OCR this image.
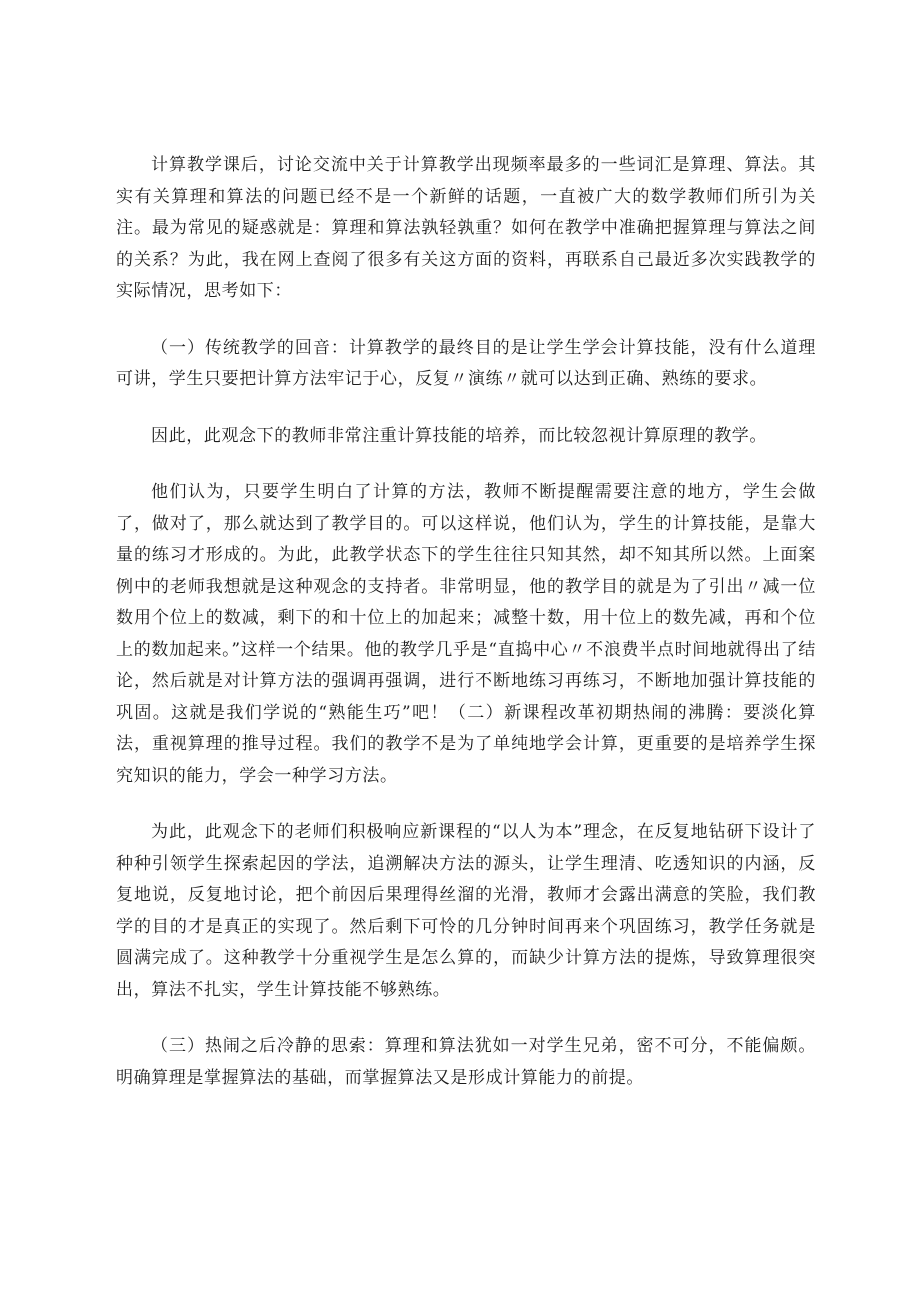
计算教学课后，讨论交流中关于计算教学出现频率最多的一些词汇是算理、算法。其实有关算理和算法的问题已经不是一个新鲜的话题，一直被广大的数学教师们所引为关注。最为常见的疑惑就是：算理和算法孰轻孰重？如何在教学中准确把握算理与算法之间的关系？为此，我在网上查阅了很多有关这方面的资料，再联系自己最近多次实践教学的实际情况，思考如下：

（一）传统教学的回音：计算教学的最终目的是让学生学会计算技能，没有什么道理可讲，学生只要把计算方法牢记于心，反复〃演练〃就可以达到正确、熟练的要求。

因此，此观念下的教师非常注重计算技能的培养，而比较忽视计算原理的教学。

他们认为，只要学生明白了计算的方法，教师不断提醒需要注意的地方，学生会做了，做对了，那么就达到了教学目的。可以这样说，他们认为，学生的计算技能，是靠大量的练习才形成的。为此，此教学状态下的学生往往只知其然，却不知其所以然。上面案例中的老师我想就是这种观念的支持者。非常明显，他的教学目的就是为了引出〃减一位数用个位上的数减，剩下的和十位上的加起来；减整十数，用十位上的数先减，再和个位上的数加起来。”这样一个结果。他的教学几乎是“直捣中心〃不浪费半点时间地就得出了结论，然后就是对计算方法的强调再强调，进行不断地练习再练习，不断地加强计算技能的巩固。这就是我们学说的“熟能生巧”吧！（二）新课程改革初期热闹的沸腾：要淡化算法，重视算理的推导过程。我们的教学不是为了单纯地学会计算，更重要的是培养学生探究知识的能力，学会一种学习方法。

为此，此观念下的老师们积极响应新课程的“以人为本”理念，在反复地钻研下设计了种种引领学生探索起因的学法，追溯解决方法的源头，让学生理清、吃透知识的内涵，反复地说，反复地讨论，把个前因后果理得丝溜的光滑，教师才会露出满意的笑脸，我们教学的目的才是真正的实现了。然后剩下可怜的几分钟时间再来个巩固练习，教学任务就是圆满完成了。这种教学十分重视学生是怎么算的，而缺少计算方法的提炼，导致算理很突出，算法不扎实，学生计算技能不够熟练。

（三）热闹之后冷静的思索：算理和算法犹如一对学生兄弟，密不可分，不能偏颇。明确算理是掌握算法的基础，而掌握算法又是形成计算能力的前提。
